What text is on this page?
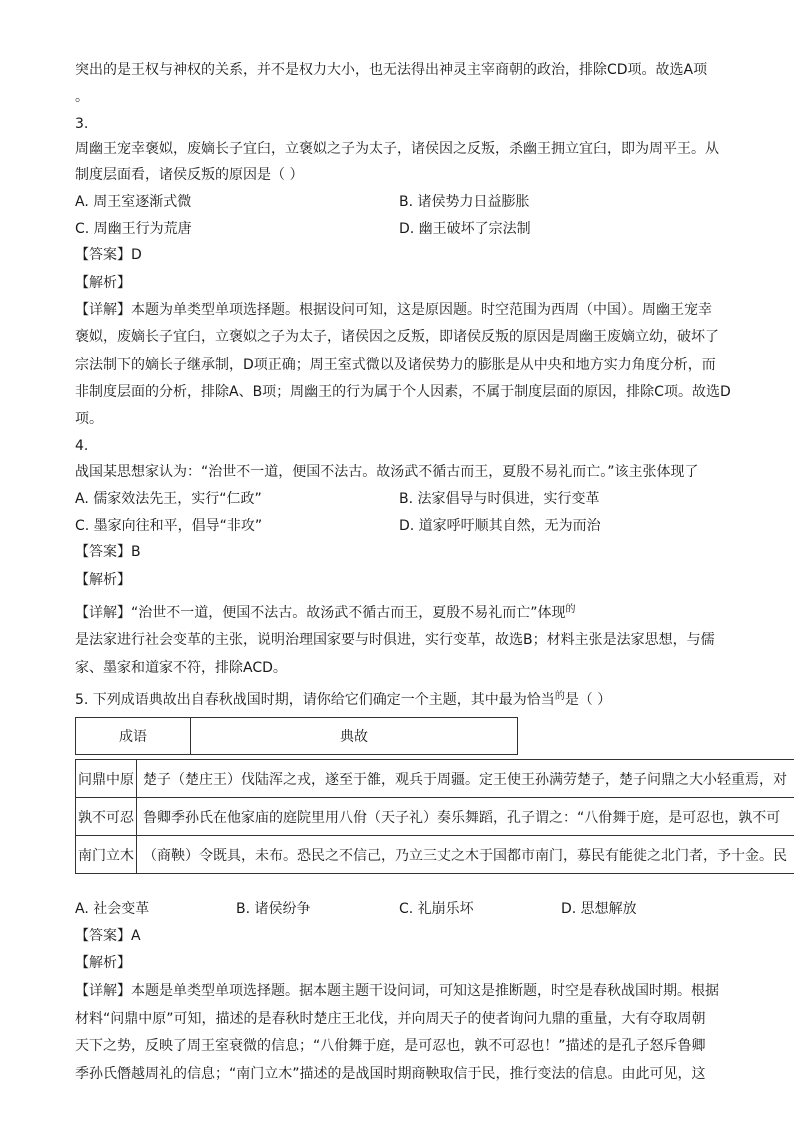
突出的是王权与神权的关系，并不是权力大小，也无法得出神灵主宰商朝的政治，排除CD项。故选A项
。
3.
周幽王宠幸褒姒，废嫡长子宜臼，立褒姒之子为太子，诸侯因之反叛，杀幽王拥立宜臼，即为周平王。从
制度层面看，诸侯反叛的原因是（ ）
A. 周王室逐渐式微	B. 诸侯势力日益膨胀
C. 周幽王行为荒唐	D. 幽王破坏了宗法制
【答案】D
【解析】
【详解】本题为单类型单项选择题。根据设问可知，这是原因题。时空范围为西周（中国）。周幽王宠幸
褒姒，废嫡长子宜臼，立褒姒之子为太子，诸侯因之反叛，即诸侯反叛的原因是周幽王废嫡立幼，破坏了
宗法制下的嫡长子继承制，D项正确；周王室式微以及诸侯势力的膨胀是从中央和地方实力角度分析，而
非制度层面的分析，排除A、B项；周幽王的行为属于个人因素，不属于制度层面的原因，排除C项。故选D
项。
4.
战国某思想家认为：“治世不一道，便国不法古。故汤武不循古而王，夏殷不易礼而亡。”该主张体现了
A. 儒家效法先王，实行“仁政”	B. 法家倡导与时俱进，实行变革
C. 墨家向往和平，倡导“非攻”	D. 道家呼吁顺其自然，无为而治
【答案】B
【解析】
【详解】“治世不一道，便国不法古。故汤武不循古而王，夏殷不易礼而亡”体现$^的$
是法家进行社会变革的主张，说明治理国家要与时俱进，实行变革，故选B；材料主张是法家思想，与儒
家、墨家和道家不符，排除ACD。
5. 下列成语典故出自春秋战国时期，请你给它们确定一个主题，其中最为恰当$^的$是（ ）
成语	典故
问鼎中原	楚子（楚庄王）伐陆浑之戎，遂至于雒，观兵于周疆。定王使王孙满劳楚子，楚子问鼎之大小轻重焉，对
孰不可忍	鲁卿季孙氏在他家庙的庭院里用八佾（天子礼）奏乐舞蹈，孔子谓之：“八佾舞于庭，是可忍也，孰不可
南门立木	（商鞅）令既具，未布。恐民之不信己，乃立三丈之木于国都市南门，募民有能徙之北门者，予十金。民
A. 社会变革	B. 诸侯纷争	C. 礼崩乐坏	D. 思想解放
【答案】A
【解析】
【详解】本题是单类型单项选择题。据本题主题干设问词，可知这是推断题，时空是春秋战国时期。根据
材料“问鼎中原”可知，描述的是春秋时楚庄王北伐，并向周天子的使者询问九鼎的重量，大有夺取周朝
天下之势，反映了周王室衰微的信息；“八佾舞于庭，是可忍也，孰不可忍也！”描述的是孔子怒斥鲁卿
季孙氏僭越周礼的信息；“南门立木”描述的是战国时期商鞅取信于民，推行变法的信息。由此可见，这
